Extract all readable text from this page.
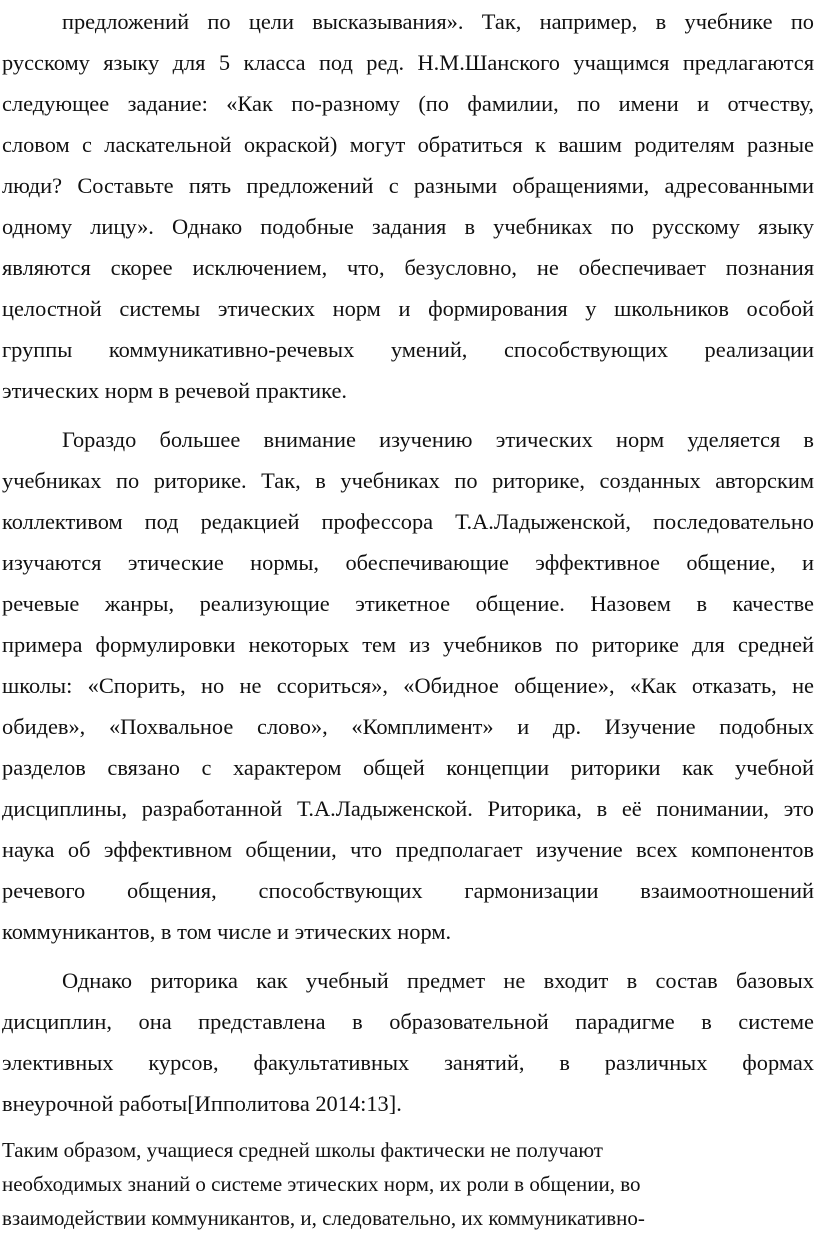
предложений по цели высказывания». Так, например, в учебнике по
русскому языку для 5 класса под ред. Н.М.Шанского учащимся предлагаются
следующее задание: «Как по-разному (по фамилии, по имени и отчеству,
словом с ласкательной окраской) могут обратиться к вашим родителям разные
люди? Составьте пять предложений с разными обращениями, адресованными
одному лицу». Однако подобные задания в учебниках по русскому языку
являются скорее исключением, что, безусловно, не обеспечивает познания
целостной системы этических норм и формирования у школьников особой
группы коммуникативно-речевых умений, способствующих реализации
этических норм в речевой практике.
Гораздо большее внимание изучению этических норм уделяется в
учебниках по риторике. Так, в учебниках по риторике, созданных авторским
коллективом под редакцией профессора Т.А.Ладыженской, последовательно
изучаются этические нормы, обеспечивающие эффективное общение, и
речевые жанры, реализующие этикетное общение. Назовем в качестве
примера формулировки некоторых тем из учебников по риторике для средней
школы: «Спорить, но не ссориться», «Обидное общение», «Как отказать, не
обидев», «Похвальное слово», «Комплимент» и др. Изучение подобных
разделов связано с характером общей концепции риторики как учебной
дисциплины, разработанной Т.А.Ладыженской. Риторика, в её понимании, это
наука об эффективном общении, что предполагает изучение всех компонентов
речевого общения, способствующих гармонизации взаимоотношений
коммуникантов, в том числе и этических норм.
Однако риторика как учебный предмет не входит в состав базовых
дисциплин, она представлена в образовательной парадигме в системе
элективных курсов, факультативных занятий, в различных формах
внеурочной работы[Ипполитова 2014:13].
Таким образом, учащиеся средней школы фактически не получают
необходимых знаний о системе этических норм, их роли в общении, во
взаимодействии коммуникантов, и, следовательно, их коммуникативно-
